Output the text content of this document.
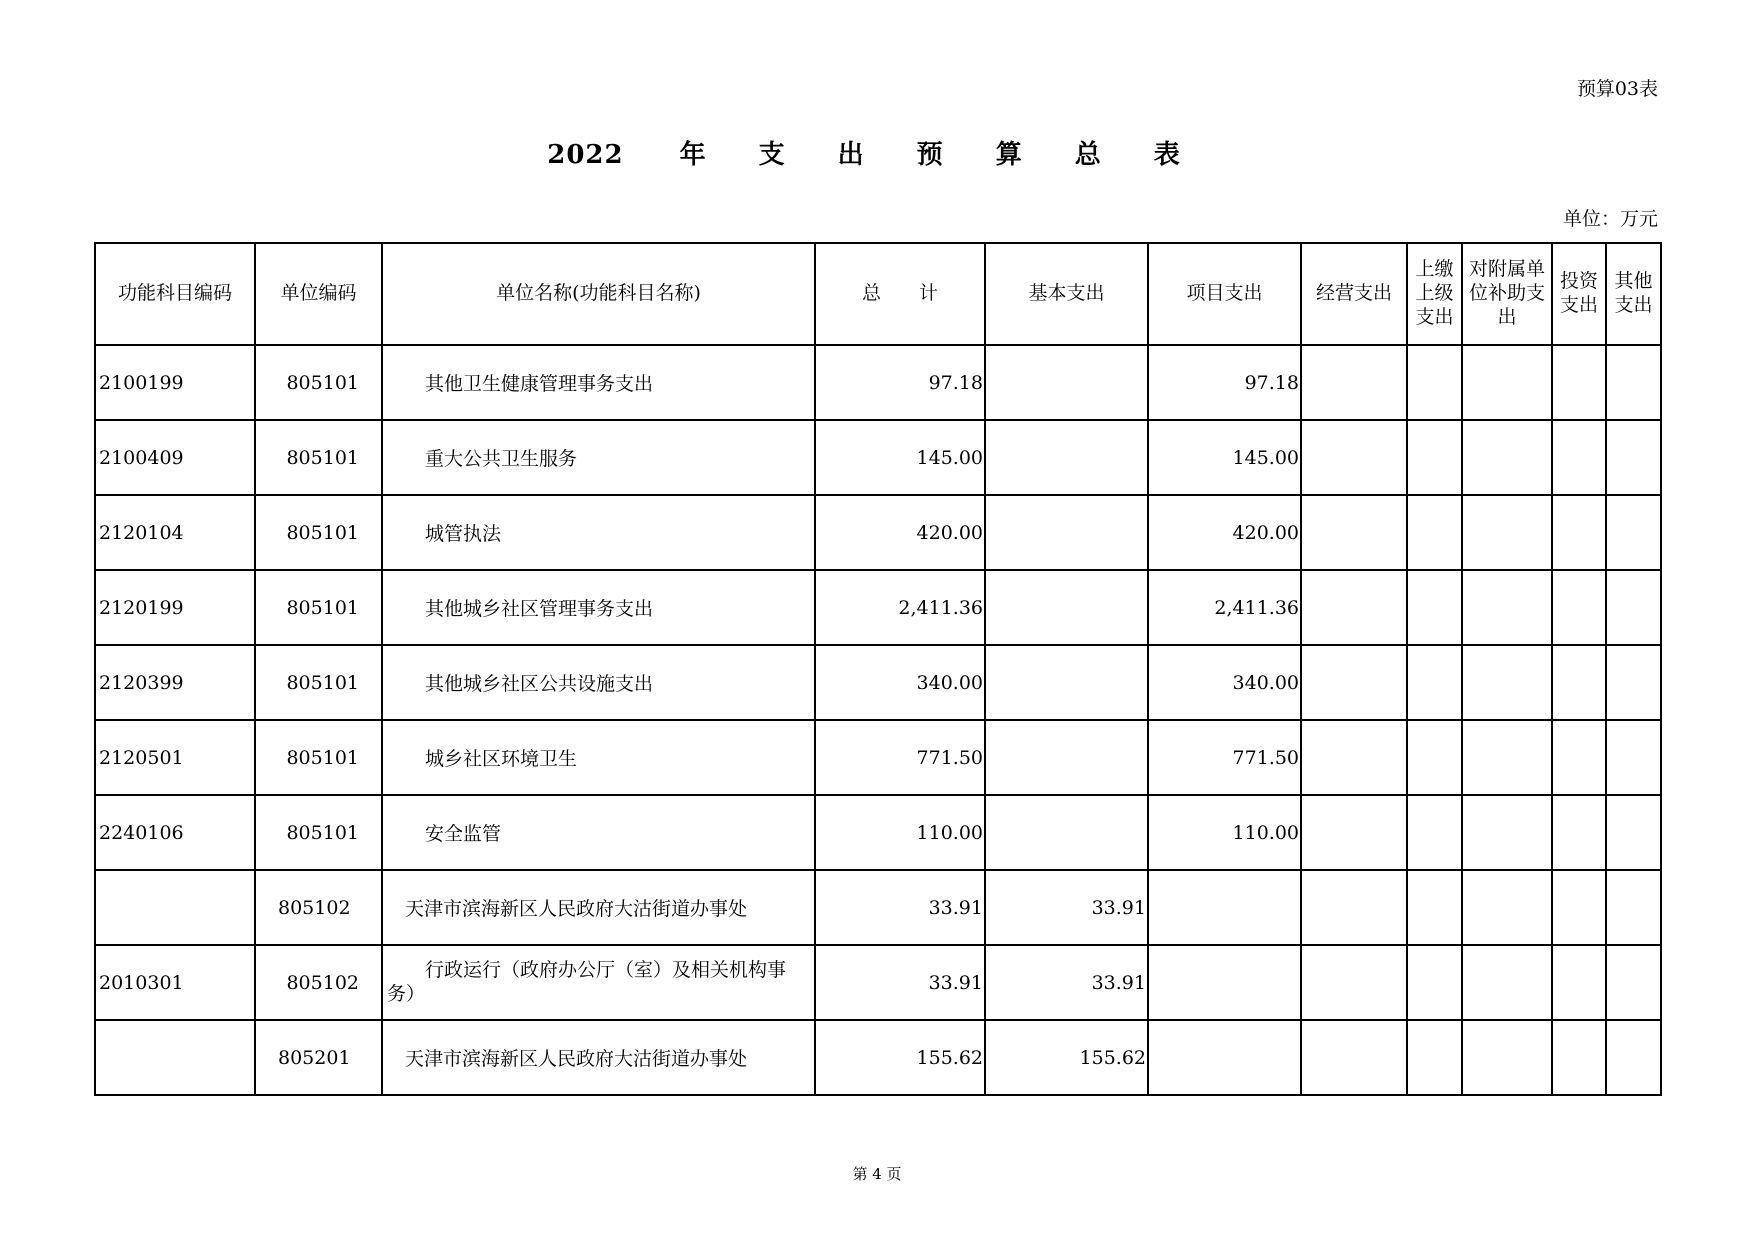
预算03表
2022 年 支 出 预 算 总 表
单位：万元
功能科目编码	单位编码	单位名称(功能科目名称)	总　　计	基本支出	项目支出	经营支出	上缴上级支出	对附属单位补助支出	投资支出	其他支出
2100199	805101	其他卫生健康管理事务支出	97.18		97.18					
2100409	805101	重大公共卫生服务	145.00		145.00					
2120104	805101	城管执法	420.00		420.00					
2120199	805101	其他城乡社区管理事务支出	2,411.36		2,411.36					
2120399	805101	其他城乡社区公共设施支出	340.00		340.00					
2120501	805101	城乡社区环境卫生	771.50		771.50					
2240106	805101	安全监管	110.00		110.00					
	805102	天津市滨海新区人民政府大沽街道办事处	33.91	33.91						
2010301	805102	行政运行（政府办公厅（室）及相关机构事务）	33.91	33.91						
	805201	天津市滨海新区人民政府大沽街道办事处	155.62	155.62						
第 4 页
